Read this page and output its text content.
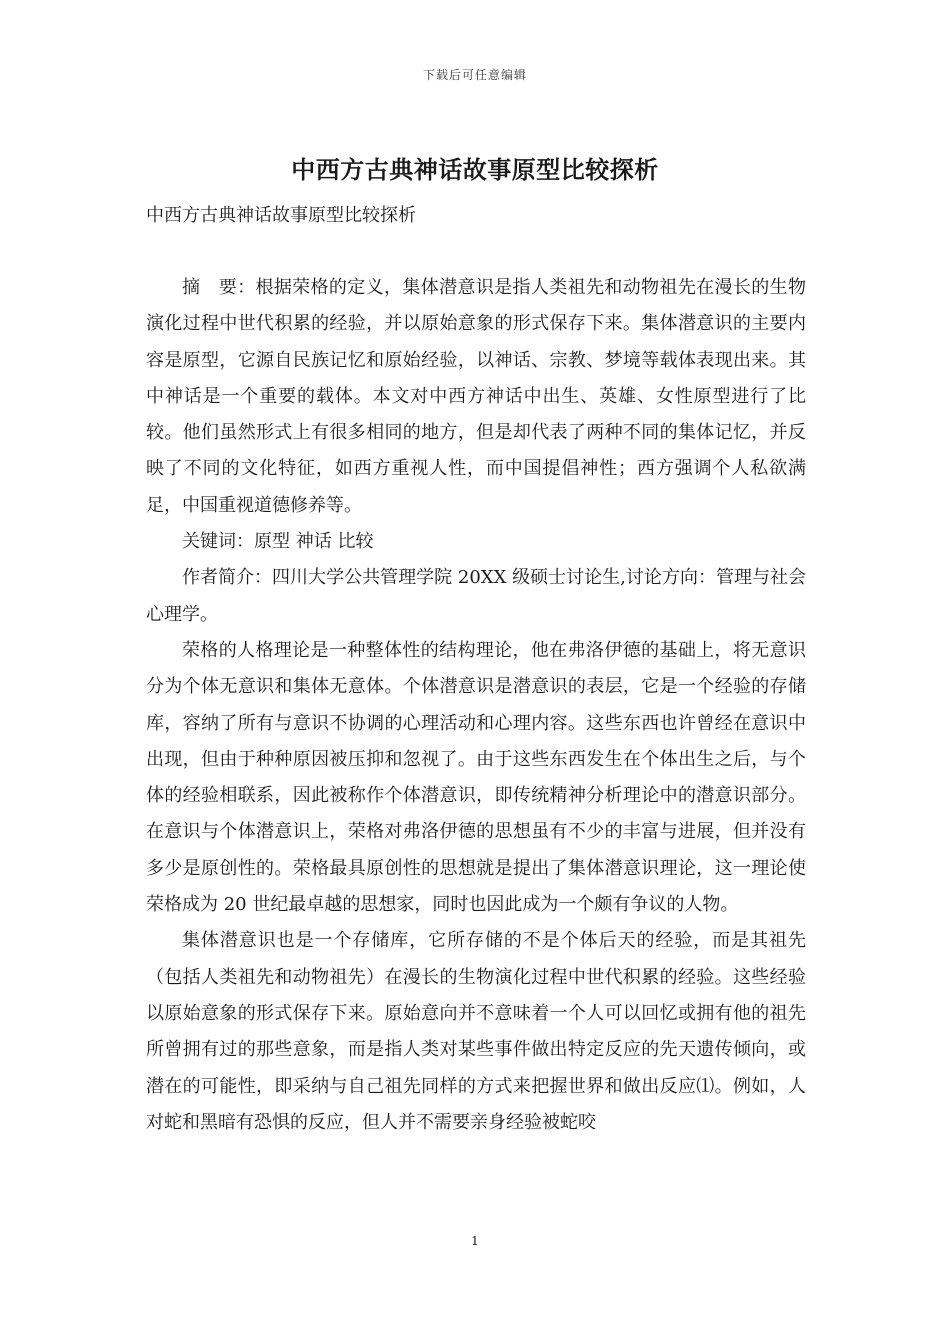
下载后可任意编辑
中西方古典神话故事原型比较探析
中西方古典神话故事原型比较探析

摘　要：根据荣格的定义，集体潜意识是指人类祖先和动物祖先在漫长的生物演化过程中世代积累的经验，并以原始意象的形式保存下来。集体潜意识的主要内容是原型，它源自民族记忆和原始经验，以神话、宗教、梦境等载体表现出来。其中神话是一个重要的载体。本文对中西方神话中出生、英雄、女性原型进行了比较。他们虽然形式上有很多相同的地方，但是却代表了两种不同的集体记忆，并反映了不同的文化特征，如西方重视人性，而中国提倡神性；西方强调个人私欲满足，中国重视道德修养等。

关键词：原型 神话 比较

作者简介：四川大学公共管理学院 20XX 级硕士讨论生,讨论方向：管理与社会心理学。

荣格的人格理论是一种整体性的结构理论，他在弗洛伊德的基础上，将无意识分为个体无意识和集体无意体。个体潜意识是潜意识的表层，它是一个经验的存储库，容纳了所有与意识不协调的心理活动和心理内容。这些东西也许曾经在意识中出现，但由于种种原因被压抑和忽视了。由于这些东西发生在个体出生之后，与个体的经验相联系，因此被称作个体潜意识，即传统精神分析理论中的潜意识部分。在意识与个体潜意识上，荣格对弗洛伊德的思想虽有不少的丰富与进展，但并没有多少是原创性的。荣格最具原创性的思想就是提出了集体潜意识理论，这一理论使荣格成为 20 世纪最卓越的思想家，同时也因此成为一个颇有争议的人物。

集体潜意识也是一个存储库，它所存储的不是个体后天的经验，而是其祖先（包括人类祖先和动物祖先）在漫长的生物演化过程中世代积累的经验。这些经验以原始意象的形式保存下来。原始意向并不意味着一个人可以回忆或拥有他的祖先所曾拥有过的那些意象，而是指人类对某些事件做出特定反应的先天遗传倾向，或潜在的可能性，即采纳与自己祖先同样的方式来把握世界和做出反应⑴。例如，人对蛇和黑暗有恐惧的反应，但人并不需要亲身经验被蛇咬

1
